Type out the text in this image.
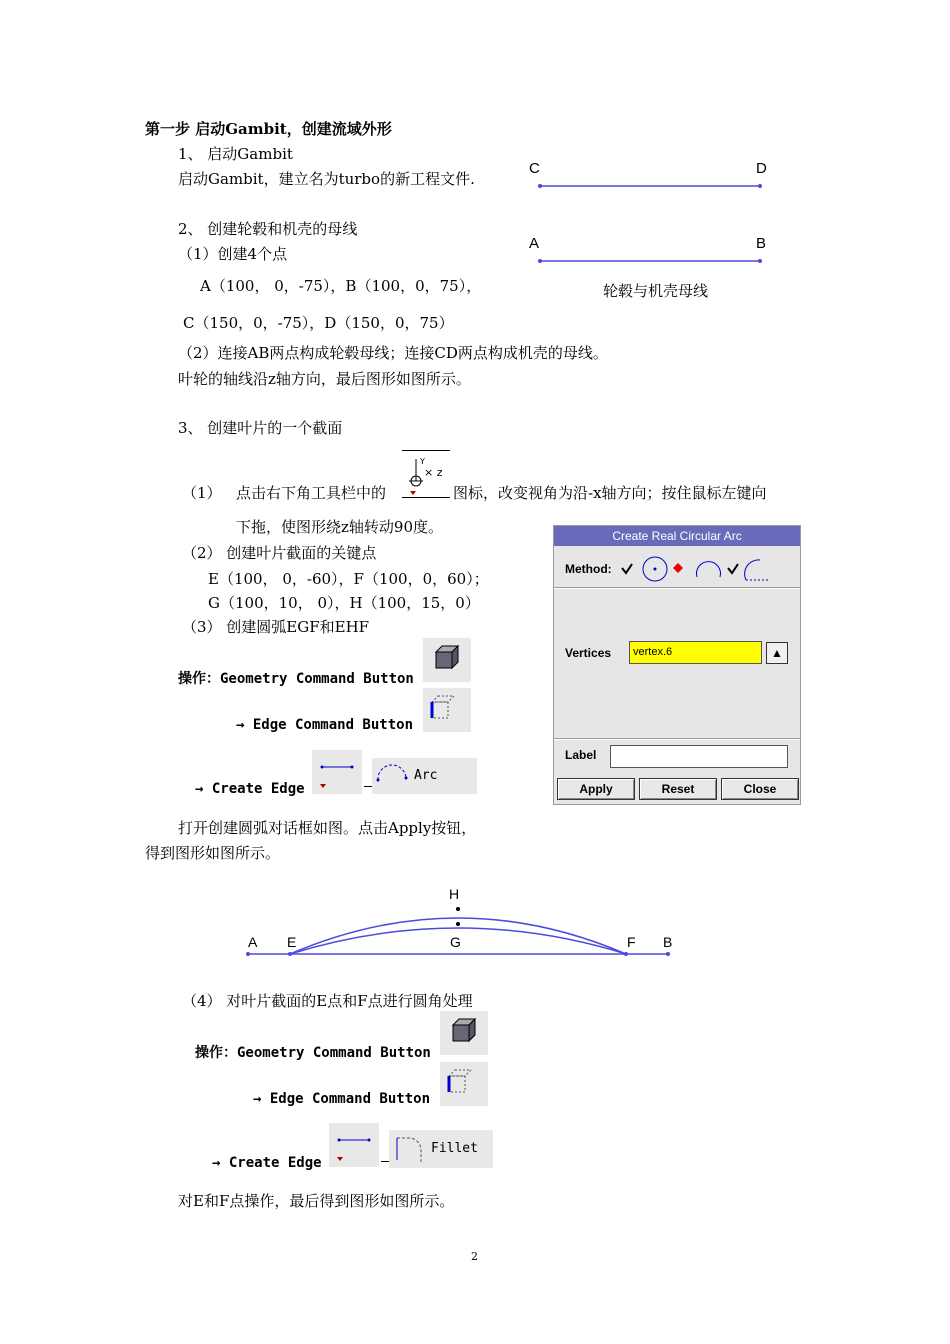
第一步 启动Gambit，创建流域外形
1、 启动Gambit
启动Gambit，建立名为turbo的新工程文件.
C	D
A	B
轮毂与机壳母线
2、 创建轮毂和机壳的母线
（1）创建4个点
A（100， 0，-75），B（100，0，75），
C（150，0，-75），D（150，0，75）
（2）连接AB两点构成轮毂母线；连接CD两点构成机壳的母线。
叶轮的轴线沿z轴方向，最后图形如图所示。
3、 创建叶片的一个截面
（1） 点击右下角工具栏中的
Y
× z
图标，改变视角为沿-x轴方向；按住鼠标左键向
下拖，使图形绕z轴转动90度。
（2） 创建叶片截面的关键点
E（100， 0，-60），F（100，0，60）；
G（100，10， 0），H（100，15，0）
（3） 创建圆弧EGF和EHF
操作：Geometry Command Button
→ Edge Command Button
→ Create Edge
Arc
Create Real Circular Arc
Method:
Vertices	vertex.6	▲
Label
Apply	Reset	Close
打开创建圆弧对话框如图。点击Apply按钮，
得到图形如图所示。
H
A E	G	F B
（4） 对叶片截面的E点和F点进行圆角处理
操作：Geometry Command Button
→ Edge Command Button
→ Create Edge
Fillet
对E和F点操作，最后得到图形如图所示。
2
